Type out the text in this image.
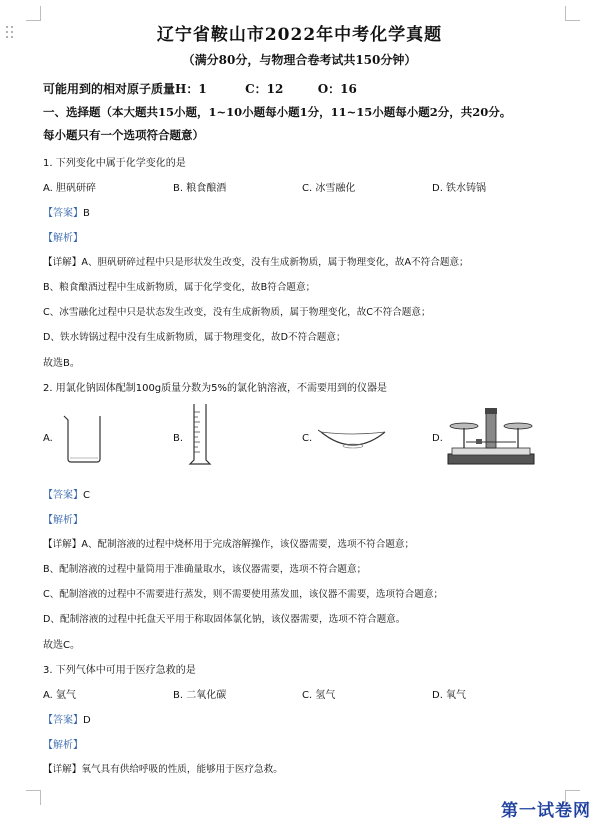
辽宁省鞍山市2022年中考化学真题
（满分80分，与物理合卷考试共150分钟）
可能用到的相对原子质量H：1	C：12	O：16
一、选择题（本大题共15小题，1~10小题每小题1分，11~15小题每小题2分，共20分。
每小题只有一个选项符合题意）
1. 下列变化中属于化学变化的是
A. 胆矾研碎	B. 粮食酿酒	C. 冰雪融化	D. 铁水铸锅
【答案】B
【解析】
【详解】A、胆矾研碎过程中只是形状发生改变，没有生成新物质，属于物理变化，故A不符合题意；
B、粮食酿酒过程中生成新物质，属于化学变化，故B符合题意；
C、冰雪融化过程中只是状态发生改变，没有生成新物质，属于物理变化，故C不符合题意；
D、铁水铸锅过程中没有生成新物质，属于物理变化，故D不符合题意；
故选B。
2. 用氯化钠固体配制100g质量分数为5%的氯化钠溶液，不需要用到的仪器是
A.	B.	C.	D.
【答案】C
【解析】
【详解】A、配制溶液的过程中烧杯用于完成溶解操作，该仪器需要，选项不符合题意；
B、配制溶液的过程中量筒用于准确量取水，该仪器需要，选项不符合题意；
C、配制溶液的过程中不需要进行蒸发，则不需要使用蒸发皿，该仪器不需要，选项符合题意；
D、配制溶液的过程中托盘天平用于称取固体氯化钠，该仪器需要，选项不符合题意。
故选C。
3. 下列气体中可用于医疗急救的是
A. 氩气	B. 二氧化碳	C. 氢气	D. 氧气
【答案】D
【解析】
【详解】氧气具有供给呼吸的性质，能够用于医疗急救。
第一试卷网
